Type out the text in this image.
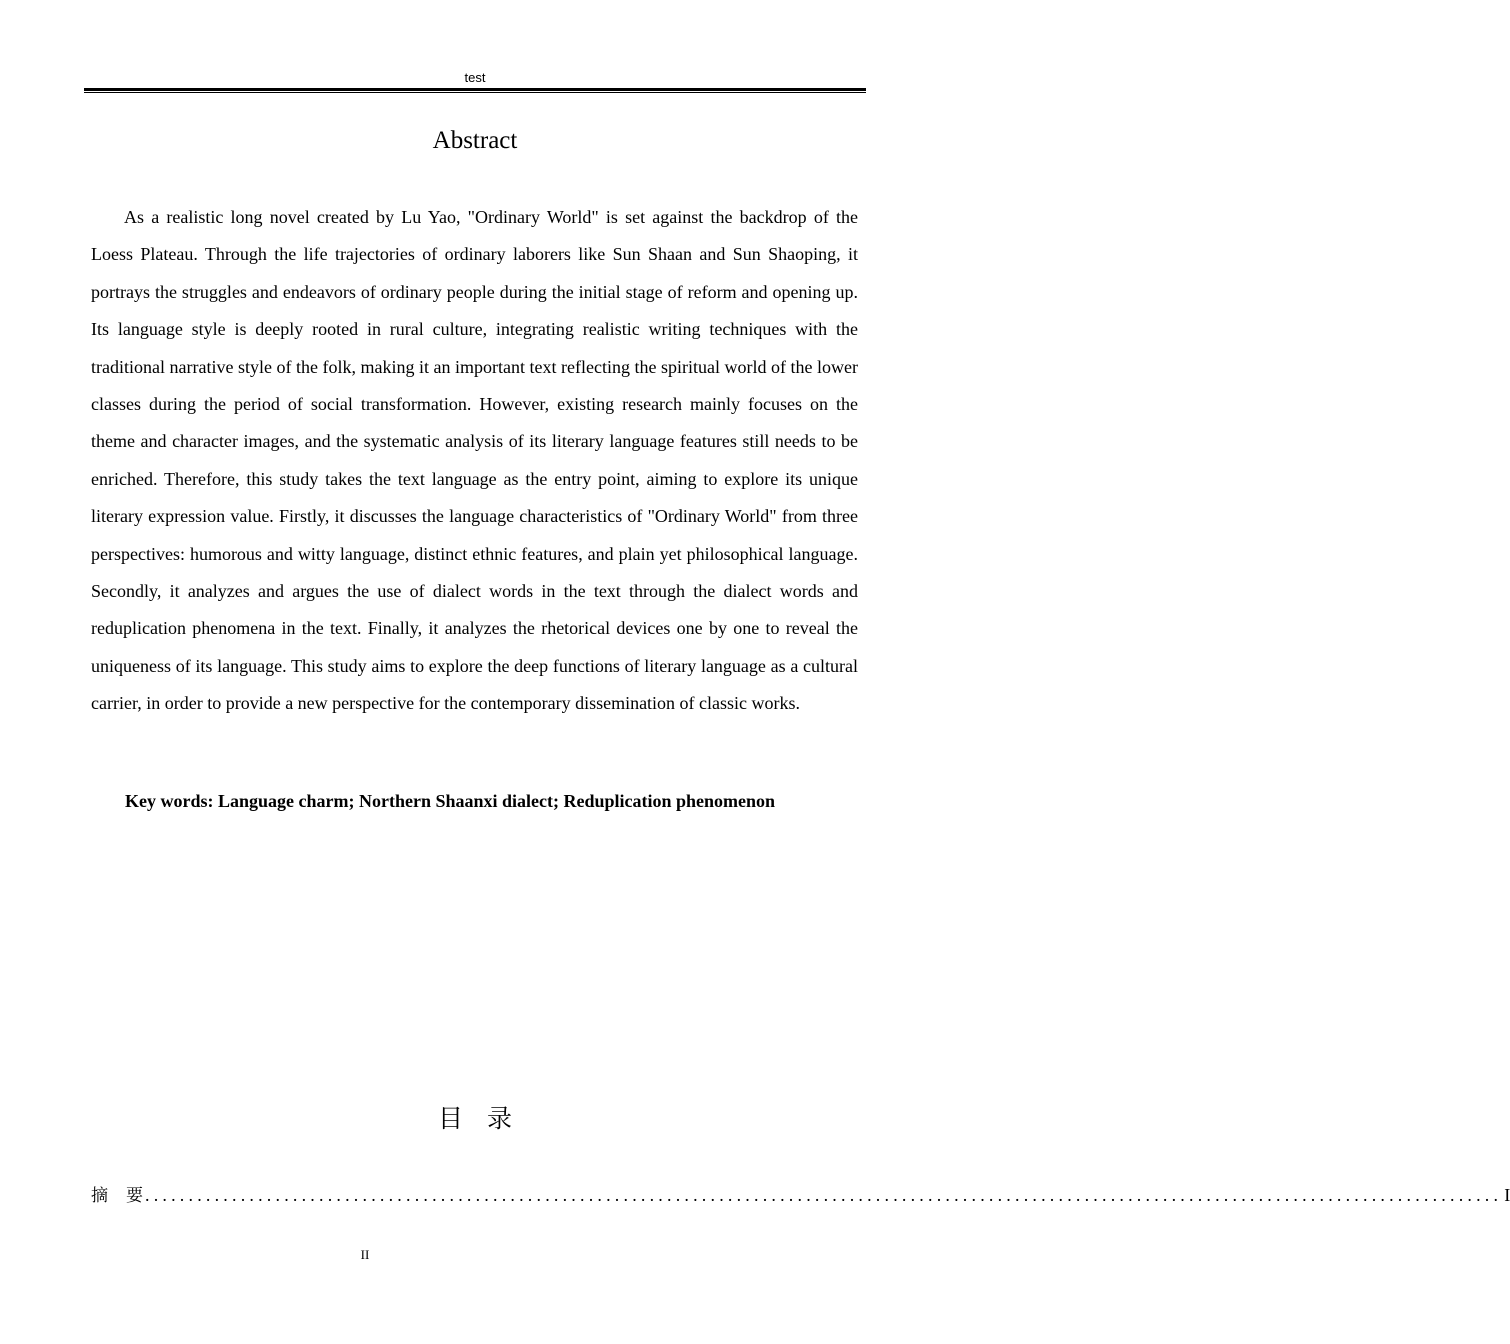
test
Abstract

As a realistic long novel created by Lu Yao, "Ordinary World" is set against the backdrop of the Loess Plateau. Through the life trajectories of ordinary laborers like Sun Shaan and Sun Shaoping, it portrays the struggles and endeavors of ordinary people during the initial stage of reform and opening up. Its language style is deeply rooted in rural culture, integrating realistic writing techniques with the traditional narrative style of the folk, making it an important text reflecting the spiritual world of the lower classes during the period of social transformation. However, existing research mainly focuses on the theme and character images, and the systematic analysis of its literary language features still needs to be enriched. Therefore, this study takes the text language as the entry point, aiming to explore its unique literary expression value. Firstly, it discusses the language characteristics of "Ordinary World" from three perspectives: humorous and witty language, distinct ethnic features, and plain yet philosophical language. Secondly, it analyzes and argues the use of dialect words in the text through the dialect words and reduplication phenomena in the text. Finally, it analyzes the rhetorical devices one by one to reveal the uniqueness of its language. This study aims to explore the deep functions of literary language as a cultural carrier, in order to provide a new perspective for the contemporary dissemination of classic works.

Key words: Language charm; Northern Shaanxi dialect; Reduplication phenomenon
目录
摘要
............................................................................................................................................................ I
II
